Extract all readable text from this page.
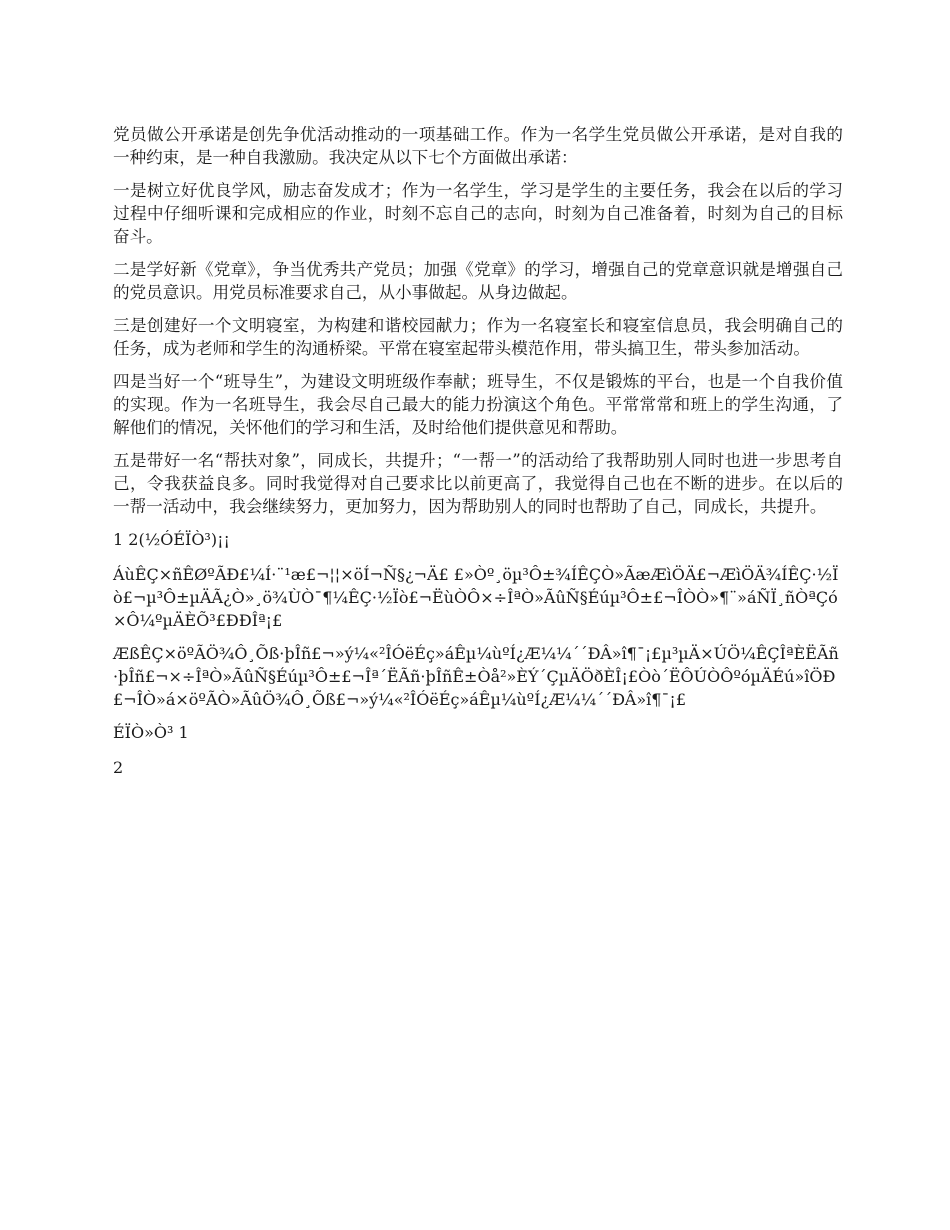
党员做公开承诺是创先争优活动推动的一项基础工作。作为一名学生党员做公开承诺，是对自我的一种约束，是一种自我激励。我决定从以下七个方面做出承诺：

一是树立好优良学风，励志奋发成才；作为一名学生，学习是学生的主要任务，我会在以后的学习过程中仔细听课和完成相应的作业，时刻不忘自己的志向，时刻为自己准备着，时刻为自己的目标奋斗。

二是学好新《党章》，争当优秀共产党员；加强《党章》的学习，增强自己的党章意识就是增强自己的党员意识。用党员标准要求自己，从小事做起。从身边做起。

三是创建好一个文明寝室，为构建和谐校园献力；作为一名寝室长和寝室信息员，我会明确自己的任务，成为老师和学生的沟通桥梁。平常在寝室起带头模范作用，带头搞卫生，带头参加活动。

四是当好一个“班导生”，为建设文明班级作奉献；班导生，不仅是锻炼的平台，也是一个自我价值的实现。作为一名班导生，我会尽自己最大的能力扮演这个角色。平常常常和班上的学生沟通，了解他们的情况，关怀他们的学习和生活，及时给他们提供意见和帮助。

五是带好一名“帮扶对象”，同成长，共提升；“一帮一”的活动给了我帮助别人同时也进一步思考自己，令我获益良多。同时我觉得对自己要求比以前更高了，我觉得自己也在不断的进步。在以后的一帮一活动中，我会继续努力，更加努力，因为帮助别人的同时也帮助了自己，同成长，共提升。

1 2(½ÓÉÏÒ³)¡¡

ÁùÊÇ×ñÊØºÃÐ£¼Í·¨¹æ£¬¦¦×öÍ¬Ñ§¿¬Ä£ £»Òº¸öµ³Ô±¾ÍÊÇÒ»ÃæÆìÖÄ£¬ÆìÖÄ¾ÍÊÇ·½Ïò£¬µ³Ô±µÄÃ¿Ò»¸ö¾ÙÒ¯¶¼ÊÇ·½Ïò£¬ËùÒÔ×÷ÎªÒ»ÃûÑ§Éúµ³Ô±£¬ÎÒÒ»¶¨»áÑÏ¸ñÒªÇó×Ô¼ºµÄÈÕ³£ÐÐÎª¡£

ÆßÊÇ×öºÃÖ¾Ô¸Õß·þÎñ£¬»ý¼«²ÎÓëÉç»áÊµ¼ùºÍ¿Æ¼¼´´ÐÂ»î¶¯¡£µ³µÄ×ÚÖ¼ÊÇÎªÈËÃñ·þÎñ£¬×÷ÎªÒ»ÃûÑ§Éúµ³Ô±£¬Îª´ËÃñ·þÎñÊ±Òå²»ÈÝ´ÇµÄÖðÈÎ¡£Òò´ËÔÚÒÔºóµÄÉú»îÖÐ£¬ÎÒ»á×öºÃÒ»ÃûÖ¾Ô¸Õß£¬»ý¼«²ÎÓëÉç»áÊµ¼ùºÍ¿Æ¼¼´´ÐÂ»î¶¯¡£

ÉÏÒ»Ò³ 1

2
